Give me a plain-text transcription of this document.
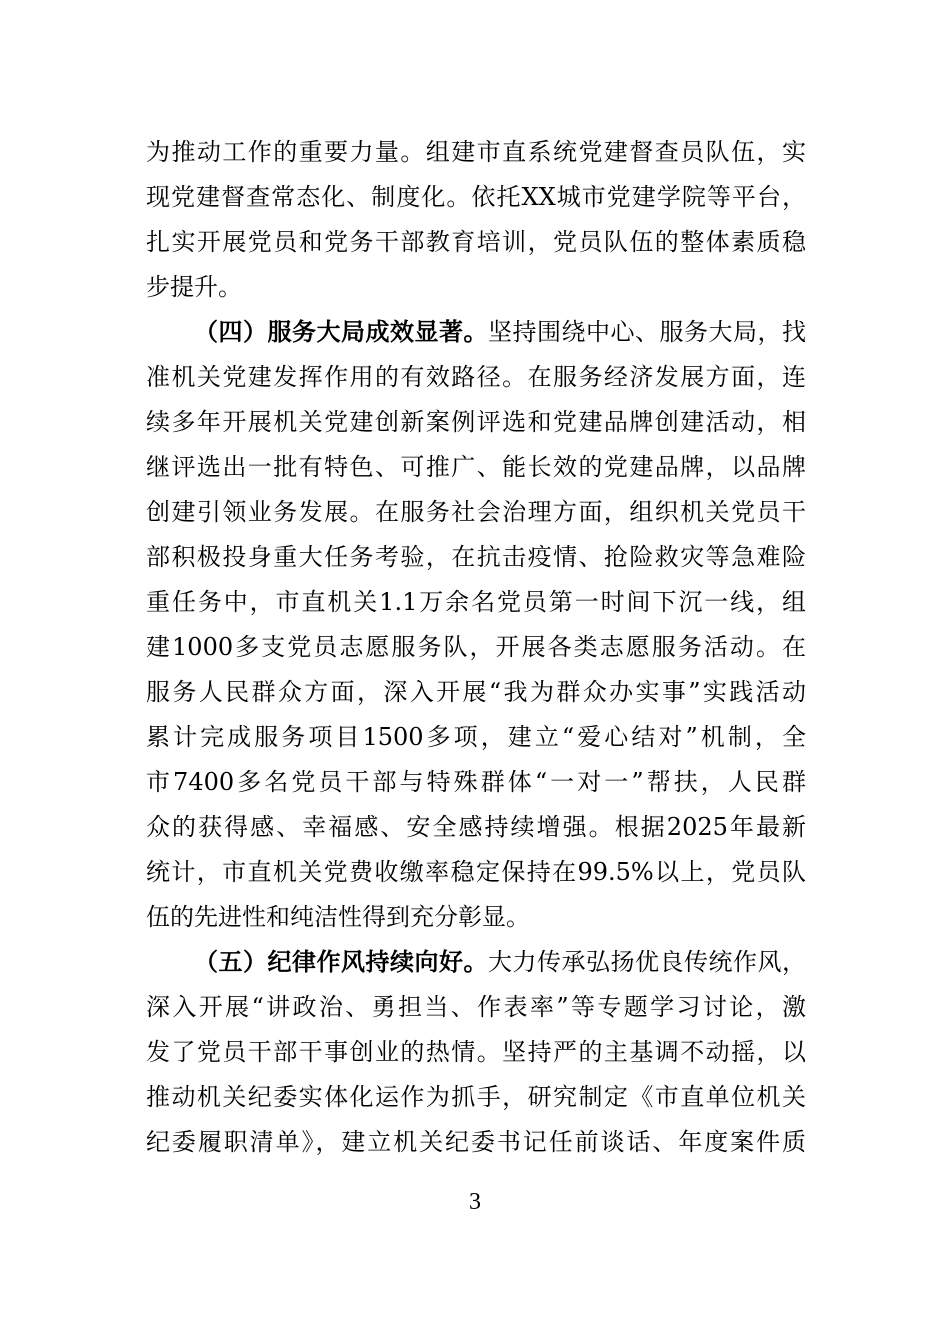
为推动工作的重要力量。组建市直系统党建督查员队伍，实
现党建督查常态化、制度化。依托XX城市党建学院等平台，
扎实开展党员和党务干部教育培训，党员队伍的整体素质稳
步提升。
（四）服务大局成效显著。坚持围绕中心、服务大局，找
准机关党建发挥作用的有效路径。在服务经济发展方面，连
续多年开展机关党建创新案例评选和党建品牌创建活动，相
继评选出一批有特色、可推广、能长效的党建品牌，以品牌
创建引领业务发展。在服务社会治理方面，组织机关党员干
部积极投身重大任务考验，在抗击疫情、抢险救灾等急难险
重任务中，市直机关1.1万余名党员第一时间下沉一线，组
建1000多支党员志愿服务队，开展各类志愿服务活动。在
服务人民群众方面，深入开展“我为群众办实事”实践活动
累计完成服务项目1500多项，建立“爱心结对”机制，全
市7400多名党员干部与特殊群体“一对一”帮扶，人民群
众的获得感、幸福感、安全感持续增强。根据2025年最新
统计，市直机关党费收缴率稳定保持在99.5%以上，党员队
伍的先进性和纯洁性得到充分彰显。
（五）纪律作风持续向好。大力传承弘扬优良传统作风，
深入开展“讲政治、勇担当、作表率”等专题学习讨论，激
发了党员干部干事创业的热情。坚持严的主基调不动摇，以
推动机关纪委实体化运作为抓手，研究制定《市直单位机关
纪委履职清单》，建立机关纪委书记任前谈话、年度案件质
3
